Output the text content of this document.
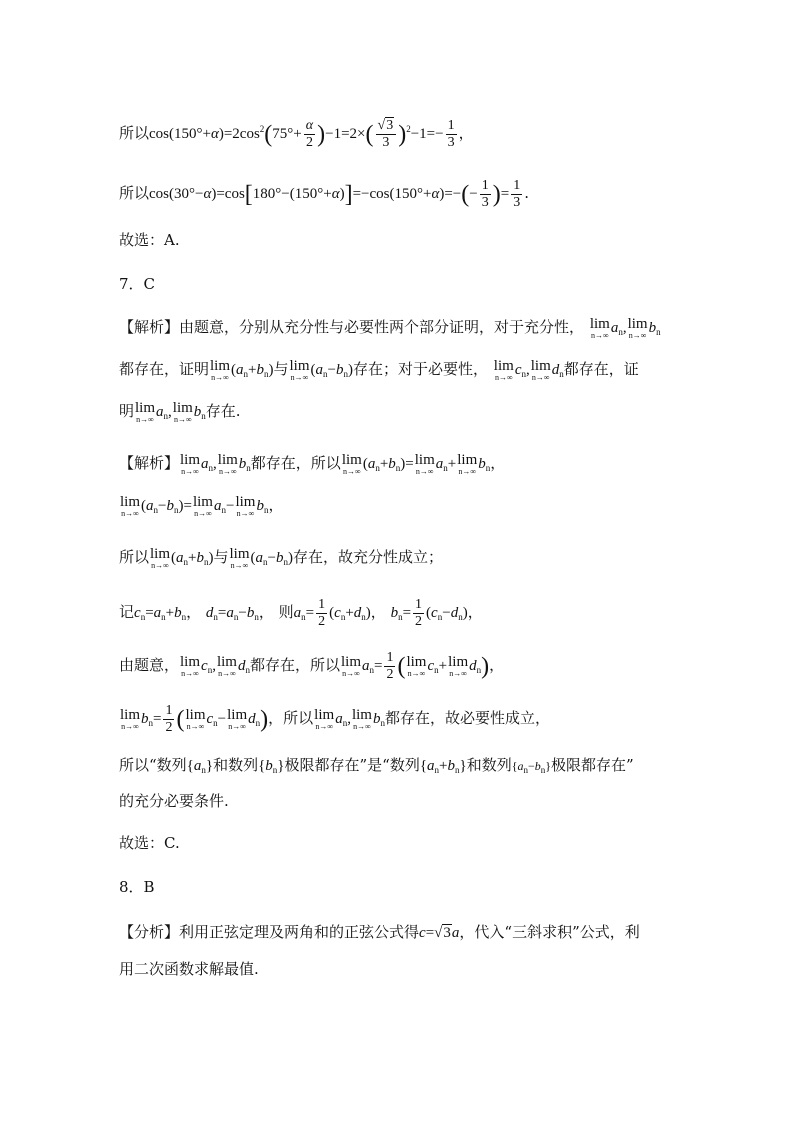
所以$\cos(150^\circ+\alpha)=2\cos^2(75^\circ+ \frac{\alpha}{2} )-1=2\times( \frac{√3}{3} )^2-1=- \frac{1}{3}$ ，
所以$\cos(30^\circ-\alpha)=\cos[180^\circ-(150^\circ+\alpha)]=-\cos(150^\circ+\alpha)=-(- \frac{1}{3}$ )= $\frac{1}{3}$ .
故选：A.
7．C
【解析】由题意，分别从充分性与必要性两个部分证明，对于充分性， lim
n→∞ $a_n$, lim
n→∞ $b_n$
都存在，证明 lim
n→∞ $(a_n+b_n)$与 lim
n→∞ $(a_n-b_n)$存在；对于必要性， lim
n→∞ $c_n$, lim
n→∞ $d_n$都存在，证
明 lim
n→∞ $a_n$, lim
n→∞ $b_n$存在.
【解析】 lim
n→∞ $a_n$, lim
n→∞ $b_n$都存在，所以 lim
n→∞ $(a_n+b_n)= \lim$
n→∞ $a_n+ \lim$
n→∞ $b_n$，
lim
n→∞ $(a_n-b_n)= \lim$
n→∞ $a_n- \lim$
n→∞ $b_n$，
所以 lim
n→∞ $(a_n+b_n)$与 lim
n→∞ $(a_n-b_n)$存在，故充分性成立；
记$c_n=a_n+b_n$， $d_n=a_n-b_n$， 则$a_n= \frac{1}{2} (c_n+d_n)$， $b_n= \frac{1}{2} (c_n-d_n)$，
由题意， lim
n→∞ $c_n$, lim
n→∞ $d_n$都存在，所以 lim
n→∞ $a_n= \frac{1}{2}$ ( lim
n→∞ $c_n+ \lim$
n→∞ $d_n$)，
lim
n→∞ $b_n= \frac{1}{2}$ ( lim
n→∞ $c_n- \lim$
n→∞ $d_n$)，所以 lim
n→∞ $a_n$, lim
n→∞ $b_n$都存在，故必要性成立，
所以“数列$\{a_n\}$和数列$\{b_n\}$极限都存在”是“数列$\{a_n+b_n\}$和数列$\{a_n-b_n\}$极限都存在”
的充分必要条件.
故选：C.
8．B
【分析】利用正弦定理及两角和的正弦公式得c=√3a，代入“三斜求积”公式，利
用二次函数求解最值.
